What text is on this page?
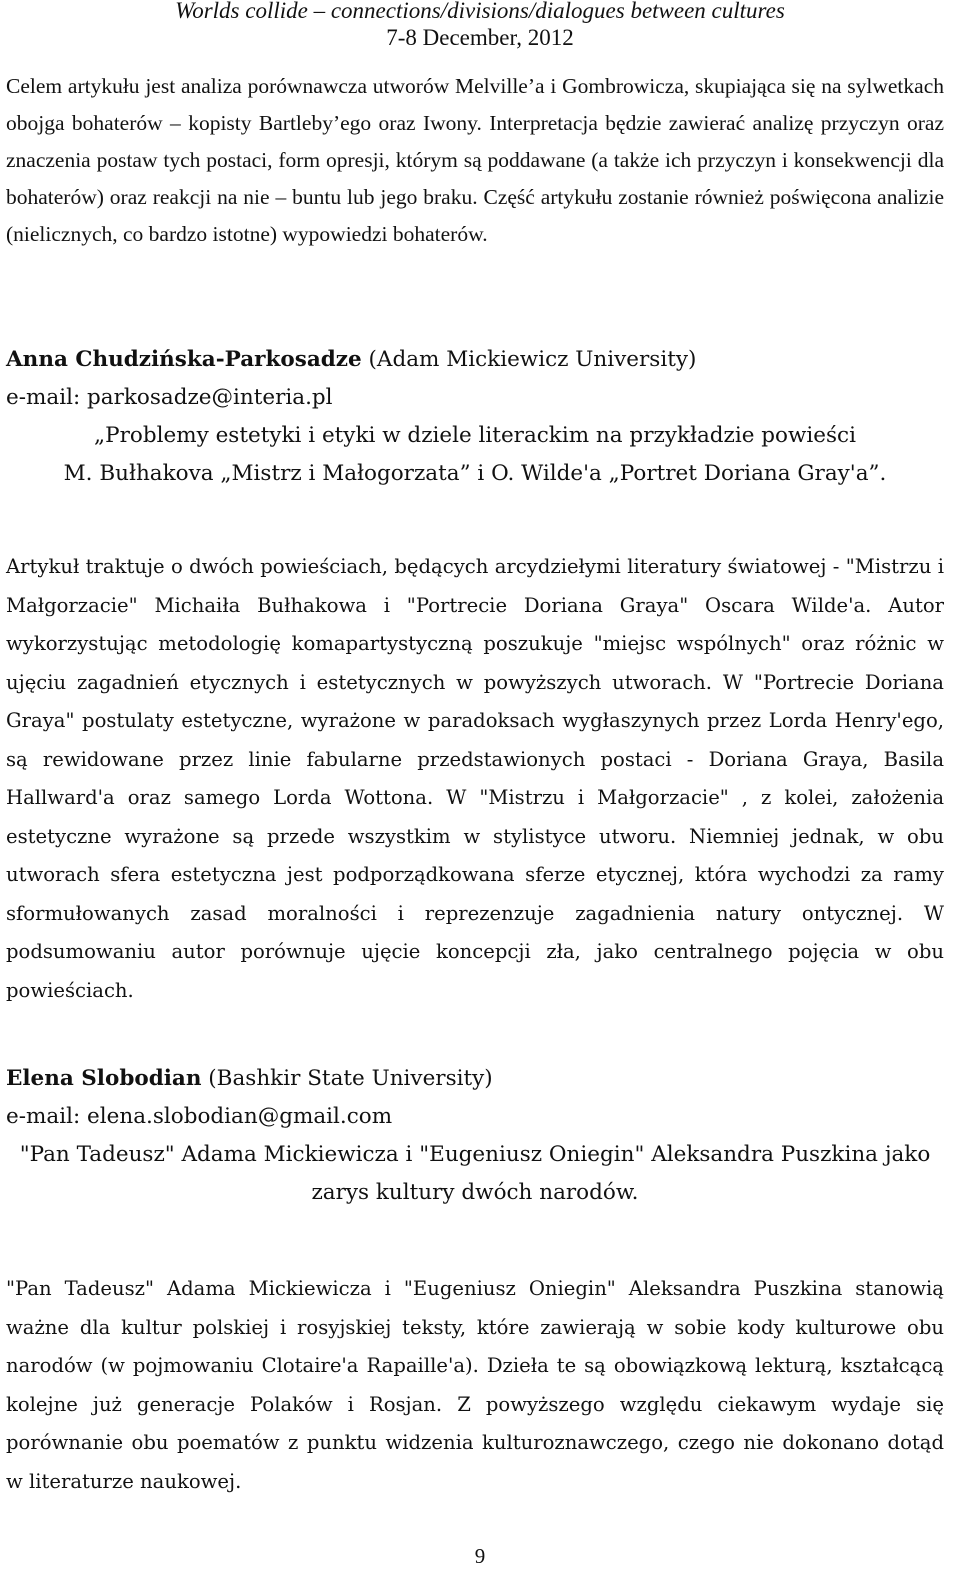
Worlds collide – connections/divisions/dialogues between cultures
7-8 December, 2012

Celem artykułu jest analiza porównawcza utworów Melville’a i Gombrowicza, skupiająca się na sylwetkach obojga bohaterów – kopisty Bartleby’ego oraz Iwony. Interpretacja będzie zawierać analizę przyczyn oraz znaczenia postaw tych postaci, form opresji, którym są poddawane (a także ich przyczyn i konsekwencji dla bohaterów) oraz reakcji na nie – buntu lub jego braku. Część artykułu zostanie również poświęcona analizie (nielicznych, co bardzo istotne) wypowiedzi bohaterów.

Anna Chudzińska-Parkosadze (Adam Mickiewicz University)

e-mail: parkosadze@interia.pl

„Problemy estetyki i etyki w dziele literackim na przykładzie powieści

M. Bułhakova „Mistrz i Małogorzata” i O. Wilde'a „Portret Doriana Gray'a”.

Artykuł traktuje o dwóch powieściach, będących arcydziełymi literatury światowej - "Mistrzu i Małgorzacie" Michaiła Bułhakowa i "Portrecie Doriana Graya" Oscara Wilde'a. Autor wykorzystując metodologię komapartystyczną poszukuje "miejsc wspólnych" oraz różnic w ujęciu zagadnień etycznych i estetycznych w powyższych utworach. W "Portrecie Doriana Graya" postulaty estetyczne, wyrażone w paradoksach wygłaszynych przez Lorda Henry'ego, są rewidowane przez linie fabularne przedstawionych postaci - Doriana Graya, Basila Hallward'a oraz samego Lorda Wottona. W "Mistrzu i Małgorzacie" , z kolei, założenia estetyczne wyrażone są przede wszystkim w stylistyce utworu. Niemniej jednak, w obu utworach sfera estetyczna jest podporządkowana sferze etycznej, która wychodzi za ramy sformułowanych zasad moralności i reprezenzuje zagadnienia natury ontycznej. W podsumowaniu autor porównuje ujęcie koncepcji zła, jako centralnego pojęcia w obu powieściach.

Elena Slobodian (Bashkir State University)

e-mail: elena.slobodian@gmail.com

"Pan Tadeusz" Adama Mickiewicza i "Eugeniusz Oniegin" Aleksandra Puszkina jako

zarys kultury dwóch narodów.

"Pan Tadeusz" Adama Mickiewicza i "Eugeniusz Oniegin" Aleksandra Puszkina stanowią ważne dla kultur polskiej i rosyjskiej teksty, które zawierają w sobie kody kulturowe obu narodów (w pojmowaniu Clotaire'a Rapaille'a). Dzieła te są obowiązkową lekturą, kształcącą kolejne już generacje Polaków i Rosjan. Z powyższego względu ciekawym wydaje się porównanie obu poematów z punktu widzenia kulturoznawczego, czego nie dokonano dotąd w literaturze naukowej.

9
